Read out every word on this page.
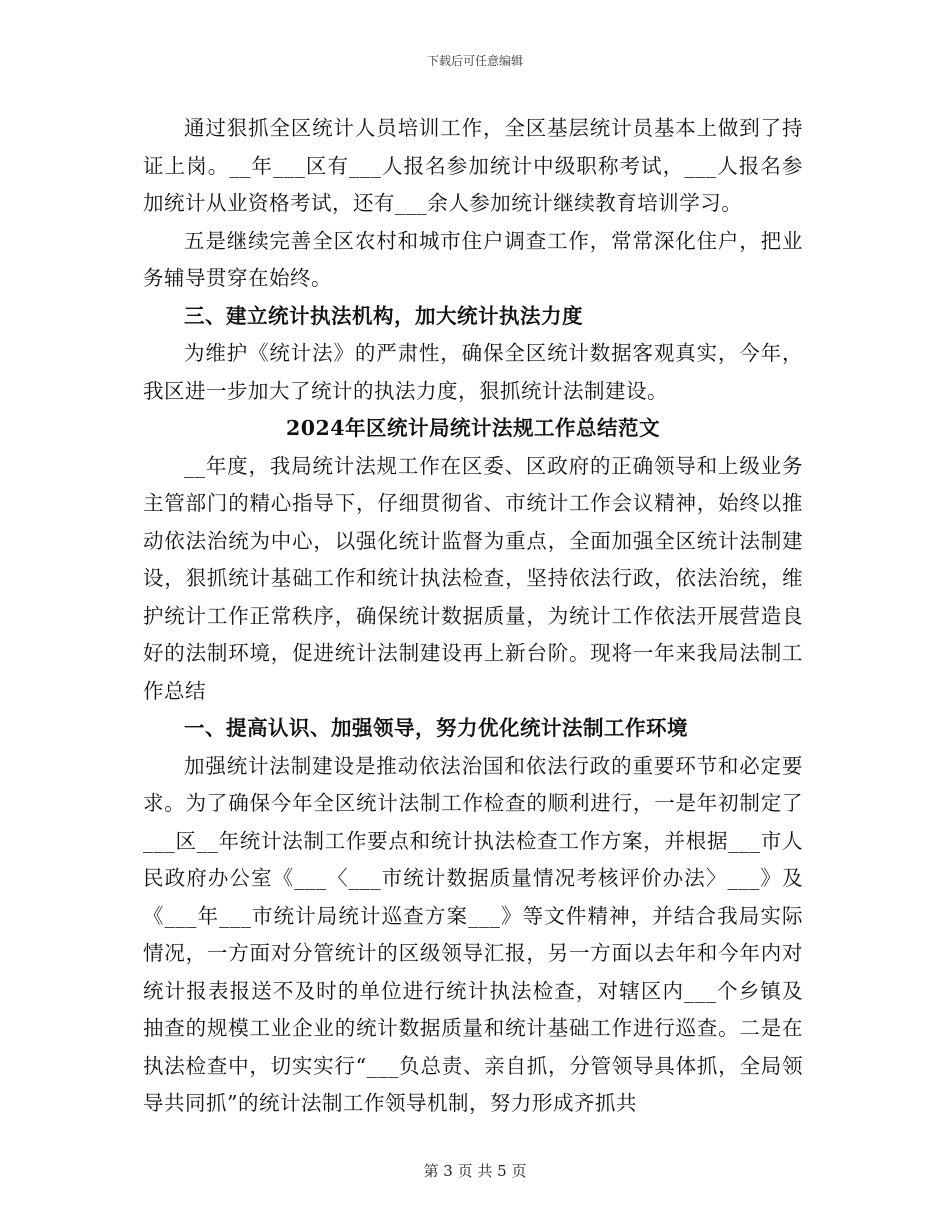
下载后可任意编辑

通过狠抓全区统计人员培训工作，全区基层统计员基本上做到了持证上岗。__年___区有___人报名参加统计中级职称考试，___人报名参加统计从业资格考试，还有___余人参加统计继续教育培训学习。

五是继续完善全区农村和城市住户调查工作，常常深化住户，把业务辅导贯穿在始终。

三、建立统计执法机构，加大统计执法力度

为维护《统计法》的严肃性，确保全区统计数据客观真实，今年，我区进一步加大了统计的执法力度，狠抓统计法制建设。

2024年区统计局统计法规工作总结范文

__年度，我局统计法规工作在区委、区政府的正确领导和上级业务主管部门的精心指导下，仔细贯彻省、市统计工作会议精神，始终以推动依法治统为中心，以强化统计监督为重点，全面加强全区统计法制建设，狠抓统计基础工作和统计执法检查，坚持依法行政，依法治统，维护统计工作正常秩序，确保统计数据质量，为统计工作依法开展营造良好的法制环境，促进统计法制建设再上新台阶。现将一年来我局法制工作总结

一、提高认识、加强领导，努力优化统计法制工作环境

加强统计法制建设是推动依法治国和依法行政的重要环节和必定要求。为了确保今年全区统计法制工作检查的顺利进行，一是年初制定了___区__年统计法制工作要点和统计执法检查工作方案，并根据___市人民政府办公室《___〈___市统计数据质量情况考核评价办法〉___》及《___年___市统计局统计巡查方案___》等文件精神，并结合我局实际情况，一方面对分管统计的区级领导汇报，另一方面以去年和今年内对统计报表报送不及时的单位进行统计执法检查，对辖区内___个乡镇及抽查的规模工业企业的统计数据质量和统计基础工作进行巡查。二是在执法检查中，切实实行“___负总责、亲自抓，分管领导具体抓，全局领导共同抓”的统计法制工作领导机制，努力形成齐抓共

第 3 页 共 5 页
